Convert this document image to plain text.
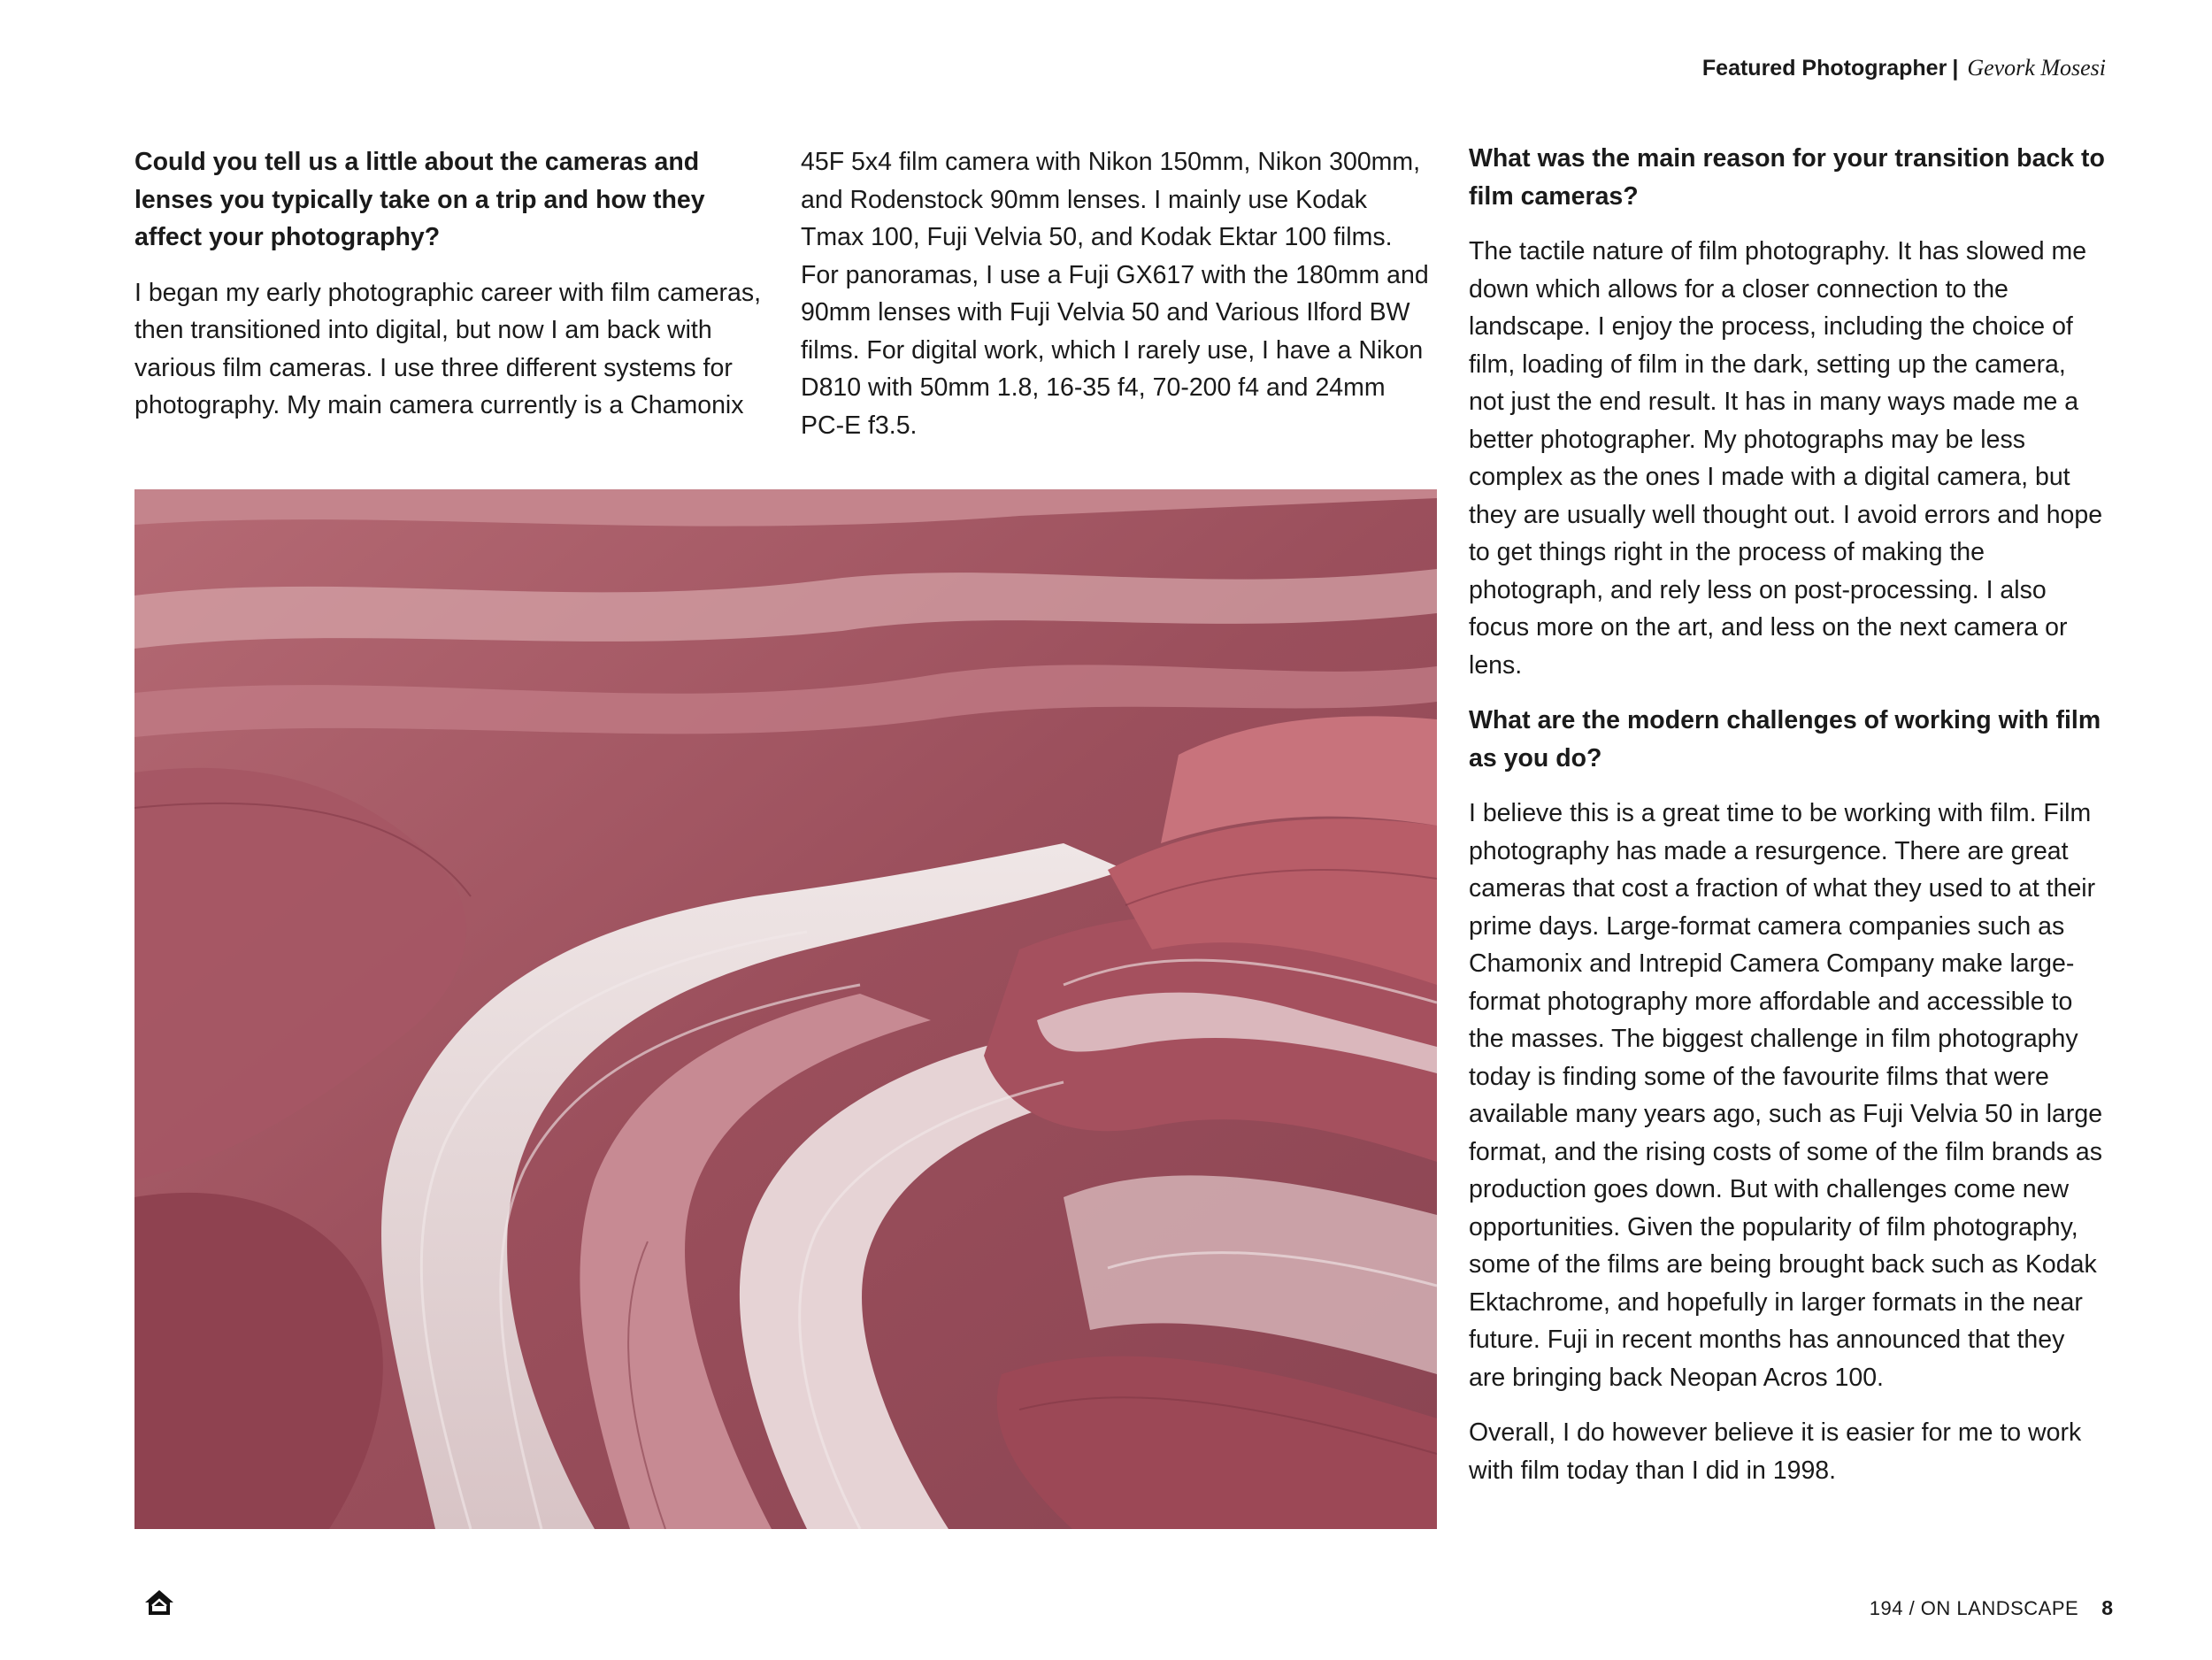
Featured Photographer | Gevork Mosesi

Could you tell us a little about the cameras and lenses you typically take on a trip and how they affect your photography?

I began my early photographic career with film cameras, then transitioned into digital, but now I am back with various film cameras. I use three different systems for photography. My main camera currently is a Chamonix

45F 5x4 film camera with Nikon 150mm, Nikon 300mm, and Rodenstock 90mm lenses. I mainly use Kodak Tmax 100, Fuji Velvia 50, and Kodak Ektar 100 films. For panoramas, I use a Fuji GX617 with the 180mm and 90mm lenses with Fuji Velvia 50 and Various Ilford BW films. For digital work, which I rarely use, I have a Nikon D810 with 50mm 1.8, 16-35 f4, 70-200 f4 and 24mm PC-E f3.5.

What was the main reason for your transition back to film cameras?

The tactile nature of film photography. It has slowed me down which allows for a closer connection to the landscape. I enjoy the process, including the choice of film, loading of film in the dark, setting up the camera, not just the end result. It has in many ways made me a better photographer. My photographs may be less complex as the ones I made with a digital camera, but they are usually well thought out. I avoid errors and hope to get things right in the process of making the photograph, and rely less on post-processing. I also focus more on the art, and less on the next camera or lens.

What are the modern challenges of working with film as you do?

I believe this is a great time to be working with film. Film photography has made a resurgence. There are great cameras that cost a fraction of what they used to at their prime days. Large-format camera companies such as Chamonix and Intrepid Camera Company make large-format photography more affordable and accessible to the masses. The biggest challenge in film photography today is finding some of the favourite films that were available many years ago, such as Fuji Velvia 50 in large format, and the rising costs of some of the film brands as production goes down. But with challenges come new opportunities. Given the popularity of film photography, some of the films are being brought back such as Kodak Ektachrome, and hopefully in larger formats in the near future. Fuji in recent months has announced that they are bringing back Neopan Acros 100.

Overall, I do however believe it is easier for me to work with film today than I did in 1998.

194 / ON LANDSCAPE 8
